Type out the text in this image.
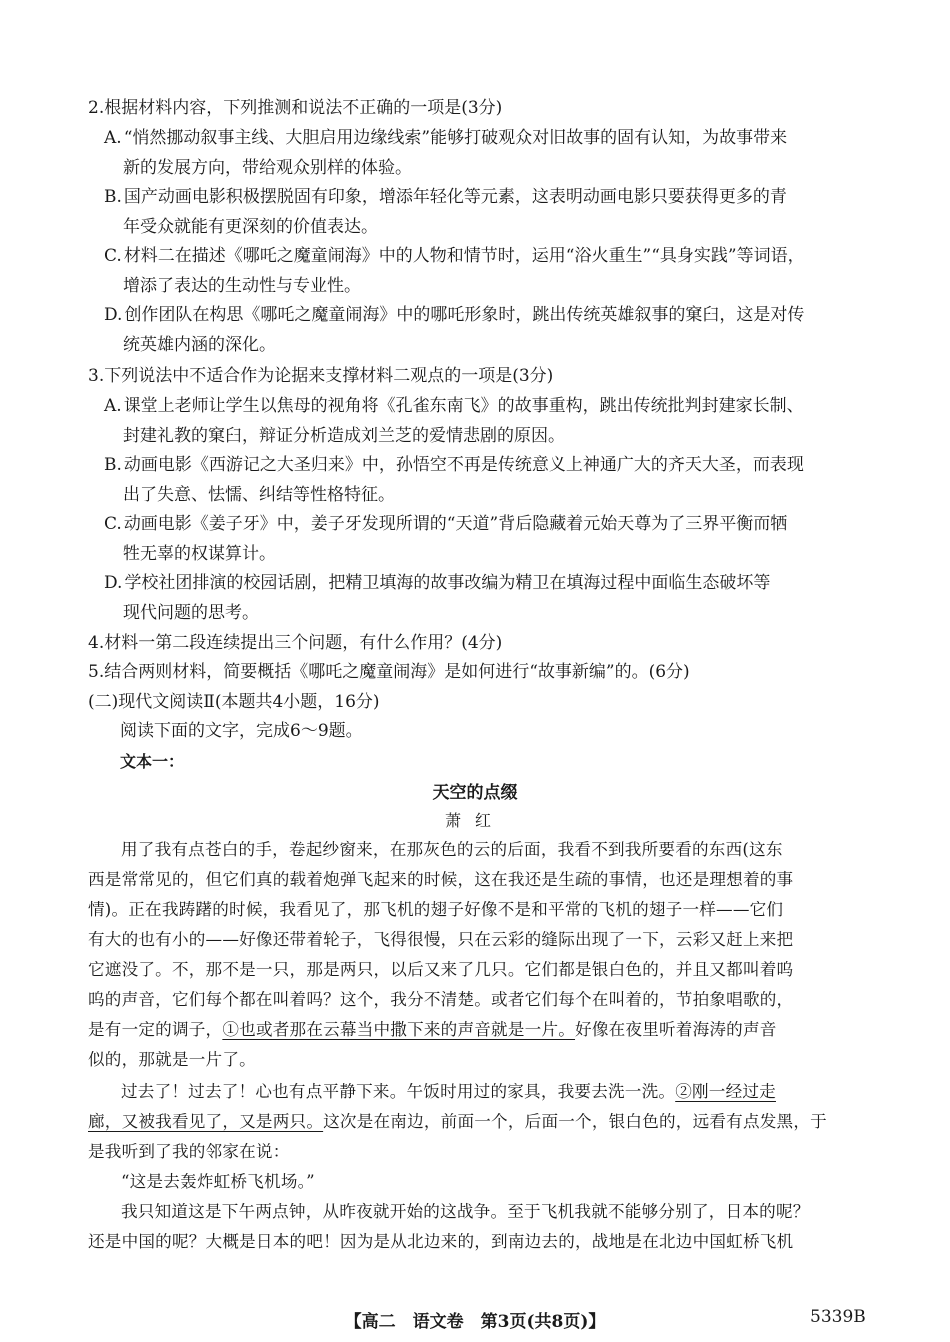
2.根据材料内容，下列推测和说法不正确的一项是(3分)
A. “悄然挪动叙事主线、大胆启用边缘线索”能够打破观众对旧故事的固有认知，为故事带来
新的发展方向，带给观众别样的体验。
B. 国产动画电影积极摆脱固有印象，增添年轻化等元素，这表明动画电影只要获得更多的青
年受众就能有更深刻的价值表达。
C. 材料二在描述《哪吒之魔童闹海》中的人物和情节时，运用“浴火重生”“具身实践”等词语，
增添了表达的生动性与专业性。
D. 创作团队在构思《哪吒之魔童闹海》中的哪吒形象时，跳出传统英雄叙事的窠臼，这是对传
统英雄内涵的深化。
3.下列说法中不适合作为论据来支撑材料二观点的一项是(3分)
A. 课堂上老师让学生以焦母的视角将《孔雀东南飞》的故事重构，跳出传统批判封建家长制、
封建礼教的窠臼，辩证分析造成刘兰芝的爱情悲剧的原因。
B. 动画电影《西游记之大圣归来》中，孙悟空不再是传统意义上神通广大的齐天大圣，而表现
出了失意、怯懦、纠结等性格特征。
C. 动画电影《姜子牙》中，姜子牙发现所谓的“天道”背后隐藏着元始天尊为了三界平衡而牺
牲无辜的权谋算计。
D. 学校社团排演的校园话剧，把精卫填海的故事改编为精卫在填海过程中面临生态破坏等
现代问题的思考。
4.材料一第二段连续提出三个问题，有什么作用？(4分)
5.结合两则材料，简要概括《哪吒之魔童闹海》是如何进行“故事新编”的。(6分)
(二)现代文阅读Ⅱ(本题共4小题，16分)
阅读下面的文字，完成6～9题。
文本一：
天空的点缀
萧红
用了我有点苍白的手，卷起纱窗来，在那灰色的云的后面，我看不到我所要看的东西(这东
西是常常见的，但它们真的载着炮弹飞起来的时候，这在我还是生疏的事情，也还是理想着的事
情)。正在我踌躇的时候，我看见了，那飞机的翅子好像不是和平常的飞机的翅子一样——它们
有大的也有小的——好像还带着轮子，飞得很慢，只在云彩的缝际出现了一下，云彩又赶上来把
它遮没了。不，那不是一只，那是两只，以后又来了几只。它们都是银白色的，并且又都叫着呜
呜的声音，它们每个都在叫着吗？这个，我分不清楚。或者它们每个在叫着的，节拍象唱歌的，
是有一定的调子，①也或者那在云幕当中撒下来的声音就是一片。好像在夜里听着海涛的声音
似的，那就是一片了。
过去了！过去了！心也有点平静下来。午饭时用过的家具，我要去洗一洗。②刚一经过走
廊，又被我看见了，又是两只。这次是在南边，前面一个，后面一个，银白色的，远看有点发黑，于
是我听到了我的邻家在说：
“这是去轰炸虹桥飞机场。”
我只知道这是下午两点钟，从昨夜就开始的这战争。至于飞机我就不能够分别了，日本的呢？
还是中国的呢？大概是日本的吧！因为是从北边来的，到南边去的，战地是在北边中国虹桥飞机
【高二　语文卷　第3页(共8页)】	5339B
